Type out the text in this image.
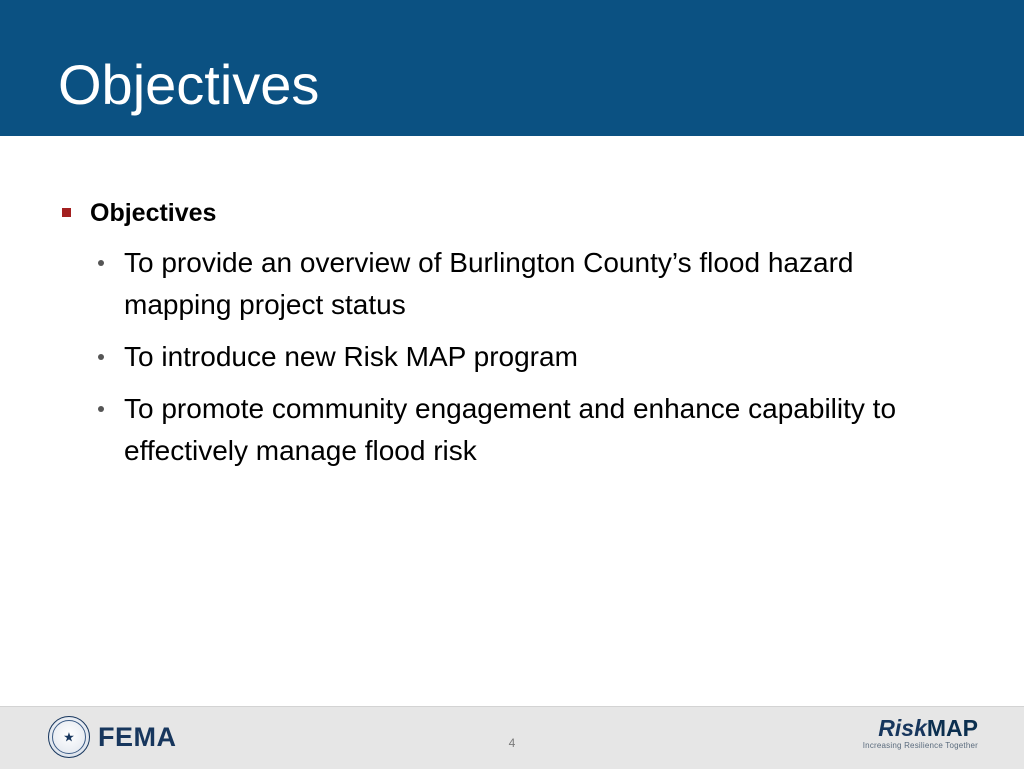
Objectives
Objectives
To provide an overview of Burlington County’s flood hazard mapping project status
To introduce new Risk MAP program
To promote community engagement and enhance capability to effectively manage flood risk
★ FEMA	4
RiskMAP
Increasing Resilience Together
